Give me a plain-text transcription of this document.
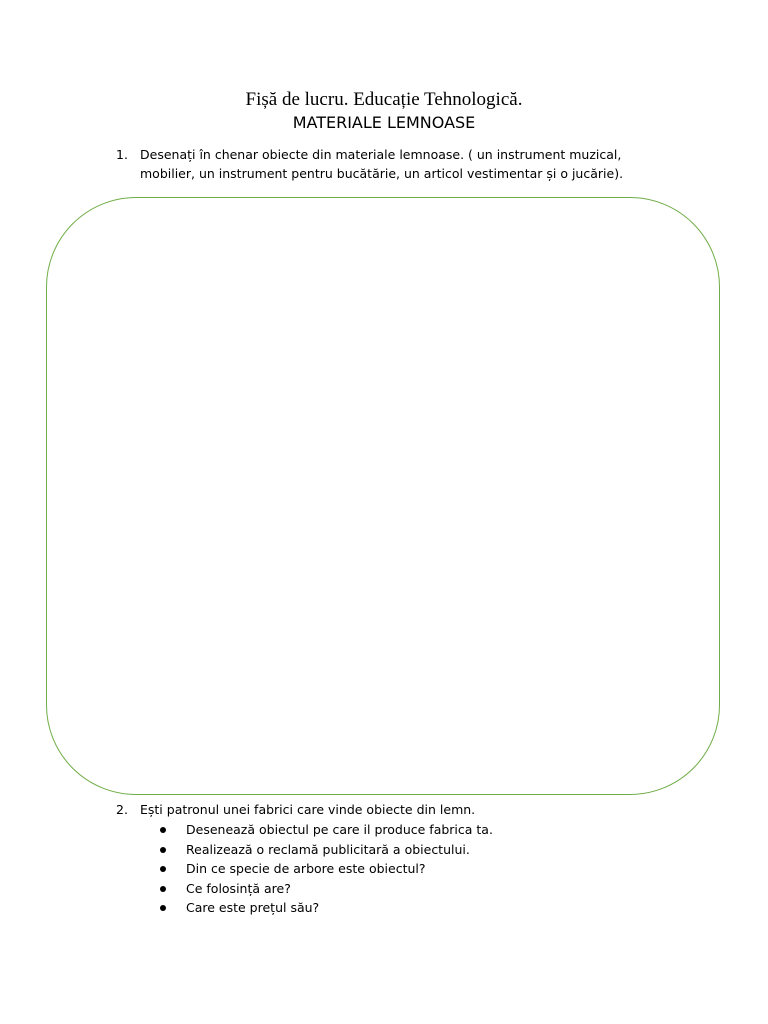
Fișă de lucru. Educație Tehnologică.
MATERIALE LEMNOASE
1. Desenați în chenar obiecte din materiale lemnoase. ( un instrument muzical,
mobilier, un instrument pentru bucătărie, un articol vestimentar și o jucărie).
2. Ești patronul unei fabrici care vinde obiecte din lemn.
Desenează obiectul pe care il produce fabrica ta.
Realizează o reclamă publicitară a obiectului.
Din ce specie de arbore este obiectul?
Ce folosință are?
Care este prețul său?
